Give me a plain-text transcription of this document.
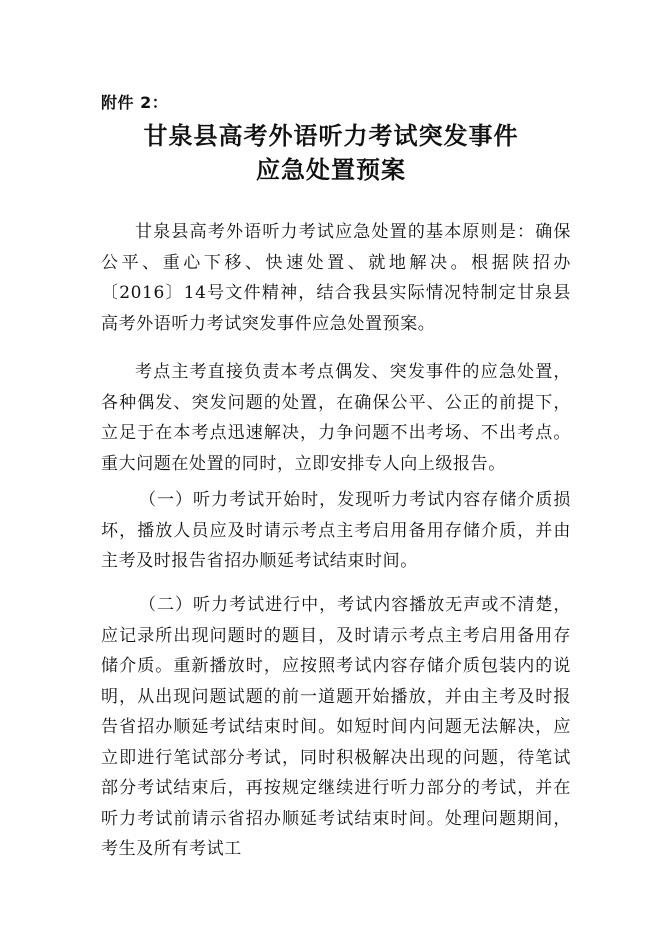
附件 2：
甘泉县高考外语听力考试突发事件
应急处置预案

甘泉县高考外语听力考试应急处置的基本原则是：确保公平、重心下移、快速处置、就地解决。根据陕招办〔2016〕14号文件精神，结合我县实际情况特制定甘泉县高考外语听力考试突发事件应急处置预案。

考点主考直接负责本考点偶发、突发事件的应急处置，各种偶发、突发问题的处置，在确保公平、公正的前提下，立足于在本考点迅速解决，力争问题不出考场、不出考点。重大问题在处置的同时，立即安排专人向上级报告。

（一）听力考试开始时，发现听力考试内容存储介质损坏，播放人员应及时请示考点主考启用备用存储介质，并由主考及时报告省招办顺延考试结束时间。

（二）听力考试进行中，考试内容播放无声或不清楚，应记录所出现问题时的题目，及时请示考点主考启用备用存储介质。重新播放时，应按照考试内容存储介质包装内的说明，从出现问题试题的前一道题开始播放，并由主考及时报告省招办顺延考试结束时间。如短时间内问题无法解决，应立即进行笔试部分考试，同时积极解决出现的问题，待笔试部分考试结束后，再按规定继续进行听力部分的考试，并在听力考试前请示省招办顺延考试结束时间。处理问题期间，考生及所有考试工
